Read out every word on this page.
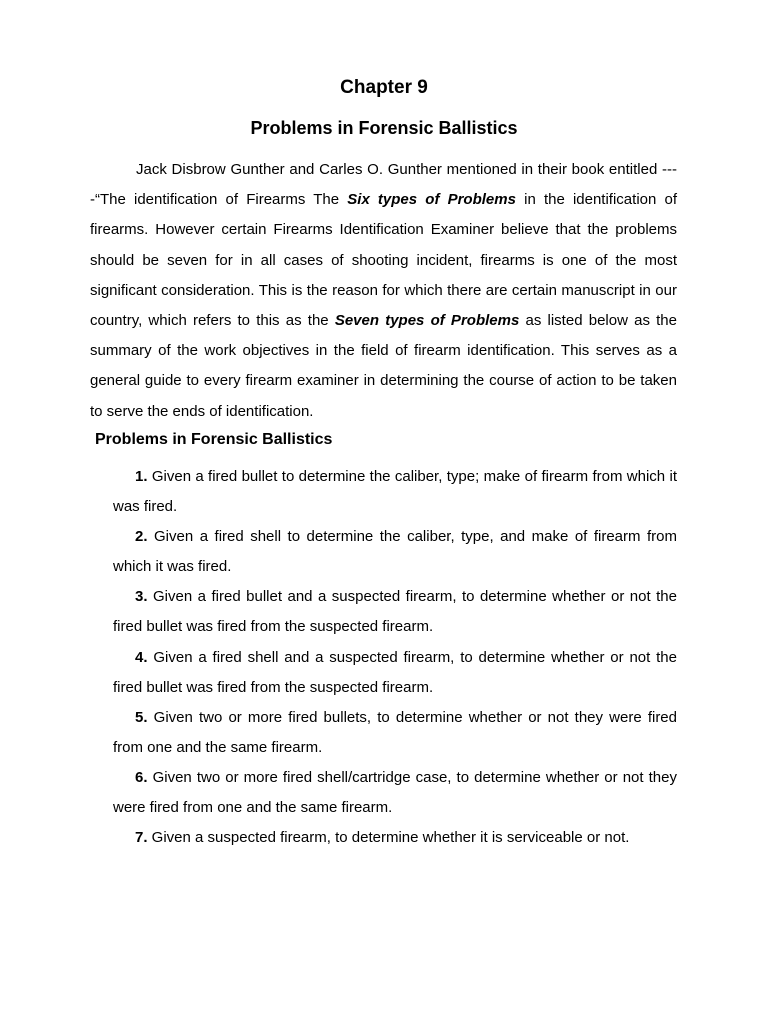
Chapter 9
Problems in Forensic Ballistics

Jack Disbrow Gunther and Carles O. Gunther mentioned in their book entitled ----“The identification of Firearms The Six types of Problems in the identification of firearms. However certain Firearms Identification Examiner believe that the problems should be seven for in all cases of shooting incident, firearms is one of the most significant consideration. This is the reason for which there are certain manuscript in our country, which refers to this as the Seven types of Problems as listed below as the summary of the work objectives in the field of firearm identification. This serves as a general guide to every firearm examiner in determining the course of action to be taken to serve the ends of identification.

Problems in Forensic Ballistics
1. Given a fired bullet to determine the caliber, type; make of firearm from which it was fired.
2. Given a fired shell to determine the caliber, type, and make of firearm from which it was fired.
3. Given a fired bullet and a suspected firearm, to determine whether or not the fired bullet was fired from the suspected firearm.
4. Given a fired shell and a suspected firearm, to determine whether or not the fired bullet was fired from the suspected firearm.
5. Given two or more fired bullets, to determine whether or not they were fired from one and the same firearm.
6. Given two or more fired shell/cartridge case, to determine whether or not they were fired from one and the same firearm.
7. Given a suspected firearm, to determine whether it is serviceable or not.
